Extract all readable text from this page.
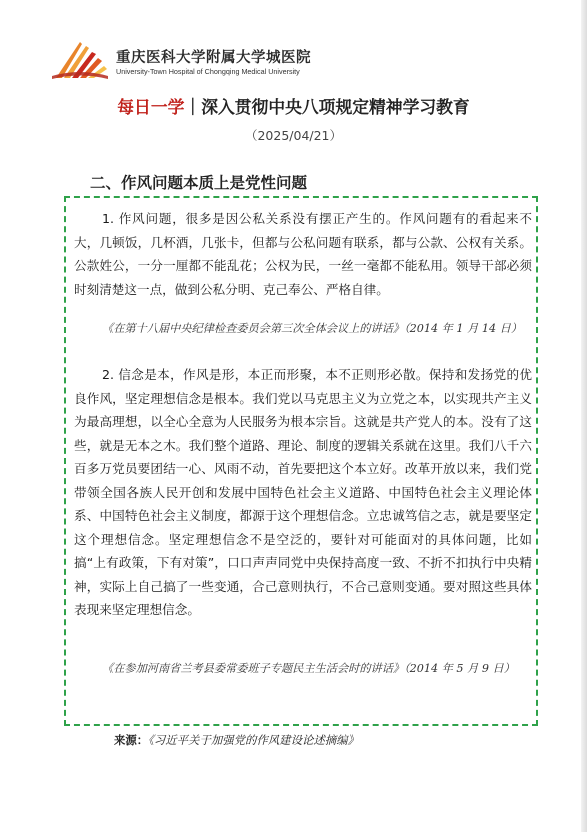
重庆医科大学附属大学城医院
University-Town Hospital of Chongqing Medical University
每日一学｜深入贯彻中央八项规定精神学习教育
（2025/04/21）
二、作风问题本质上是党性问题
1. 作风问题，很多是因公私关系没有摆正产生的。作风问题有的看起来不大，几顿饭，几杯酒，几张卡，但都与公私问题有联系，都与公款、公权有关系。公款姓公，一分一厘都不能乱花；公权为民，一丝一毫都不能私用。领导干部必须时刻清楚这一点，做到公私分明、克己奉公、严格自律。
《在第十八届中央纪律检查委员会第三次全体会议上的讲话》（2014 年 1 月 14 日）
2. 信念是本，作风是形，本正而形聚，本不正则形必散。保持和发扬党的优良作风，坚定理想信念是根本。我们党以马克思主义为立党之本，以实现共产主义为最高理想，以全心全意为人民服务为根本宗旨。这就是共产党人的本。没有了这些，就是无本之木。我们整个道路、理论、制度的逻辑关系就在这里。我们八千六百多万党员要团结一心、风雨不动，首先要把这个本立好。改革开放以来，我们党带领全国各族人民开创和发展中国特色社会主义道路、中国特色社会主义理论体系、中国特色社会主义制度，都源于这个理想信念。立忠诚笃信之志，就是要坚定这个理想信念。坚定理想信念不是空泛的，要针对可能面对的具体问题，比如搞“上有政策，下有对策”，口口声声同党中央保持高度一致、不折不扣执行中央精神，实际上自己搞了一些变通，合己意则执行，不合己意则变通。要对照这些具体表现来坚定理想信念。
《在参加河南省兰考县委常委班子专题民主生活会时的讲话》（2014 年 5 月 9 日）
来源：《习近平关于加强党的作风建设论述摘编》
